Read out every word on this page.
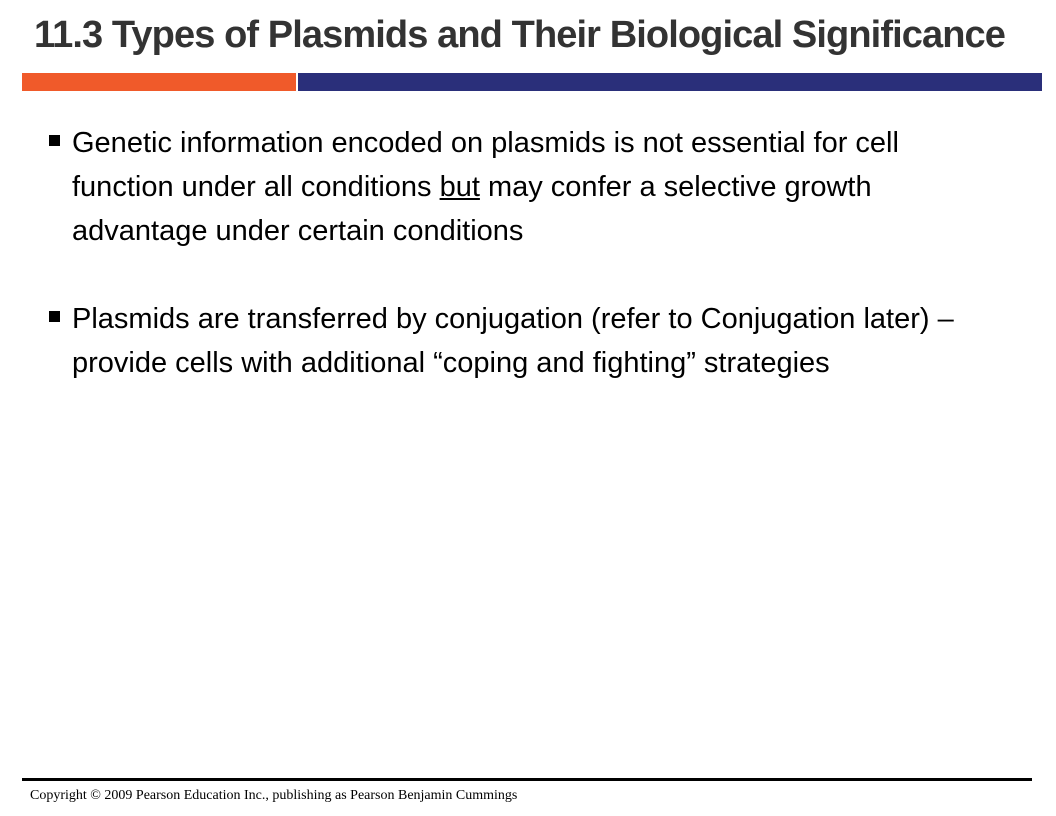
11.3 Types of Plasmids and Their Biological Significance
Genetic information encoded on plasmids is not essential for cell function under all conditions but may confer a selective growth advantage under certain conditions
Plasmids are transferred by conjugation (refer to Conjugation later) – provide cells with additional “coping and fighting” strategies
Copyright © 2009 Pearson Education Inc., publishing as Pearson Benjamin Cummings
